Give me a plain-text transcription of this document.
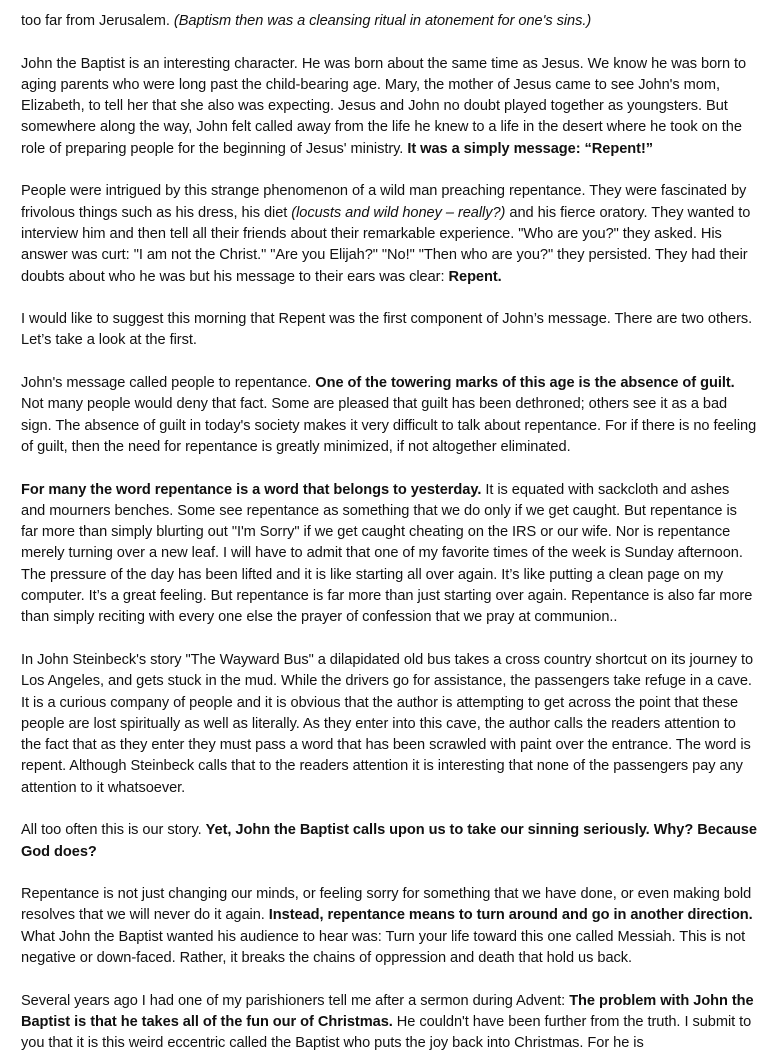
too far from Jerusalem. (Baptism then was a cleansing ritual in atonement for one's sins.)

John the Baptist is an interesting character. He was born about the same time as Jesus. We know he was born to aging parents who were long past the child-bearing age. Mary, the mother of Jesus came to see John's mom, Elizabeth, to tell her that she also was expecting. Jesus and John no doubt played together as youngsters. But somewhere along the way, John felt called away from the life he knew to a life in the desert where he took on the role of preparing people for the beginning of Jesus' ministry. It was a simply message: “Repent!”

People were intrigued by this strange phenomenon of a wild man preaching repentance. They were fascinated by frivolous things such as his dress, his diet (locusts and wild honey – really?) and his fierce oratory. They wanted to interview him and then tell all their friends about their remarkable experience. "Who are you?" they asked. His answer was curt: "I am not the Christ." "Are you Elijah?" "No!" "Then who are you?" they persisted. They had their doubts about who he was but his message to their ears was clear: Repent.

I would like to suggest this morning that Repent was the first component of John’s message. There are two others. Let’s take a look at the first.

John's message called people to repentance. One of the towering marks of this age is the absence of guilt. Not many people would deny that fact. Some are pleased that guilt has been dethroned; others see it as a bad sign. The absence of guilt in today's society makes it very difficult to talk about repentance. For if there is no feeling of guilt, then the need for repentance is greatly minimized, if not altogether eliminated.

For many the word repentance is a word that belongs to yesterday. It is equated with sackcloth and ashes and mourners benches. Some see repentance as something that we do only if we get caught. But repentance is far more than simply blurting out "I'm Sorry" if we get caught cheating on the IRS or our wife. Nor is repentance merely turning over a new leaf. I will have to admit that one of my favorite times of the week is Sunday afternoon. The pressure of the day has been lifted and it is like starting all over again. It’s like putting a clean page on my computer. It’s a great feeling. But repentance is far more than just starting over again. Repentance is also far more than simply reciting with every one else the prayer of confession that we pray at communion..

In John Steinbeck's story "The Wayward Bus" a dilapidated old bus takes a cross country shortcut on its journey to Los Angeles, and gets stuck in the mud. While the drivers go for assistance, the passengers take refuge in a cave. It is a curious company of people and it is obvious that the author is attempting to get across the point that these people are lost spiritually as well as literally. As they enter into this cave, the author calls the readers attention to the fact that as they enter they must pass a word that has been scrawled with paint over the entrance. The word is repent. Although Steinbeck calls that to the readers attention it is interesting that none of the passengers pay any attention to it whatsoever.

All too often this is our story. Yet, John the Baptist calls upon us to take our sinning seriously. Why? Because God does?

Repentance is not just changing our minds, or feeling sorry for something that we have done, or even making bold resolves that we will never do it again. Instead, repentance means to turn around and go in another direction. What John the Baptist wanted his audience to hear was: Turn your life toward this one called Messiah. This is not negative or down-faced. Rather, it breaks the chains of oppression and death that hold us back.

Several years ago I had one of my parishioners tell me after a sermon during Advent: The problem with John the Baptist is that he takes all of the fun our of Christmas. He couldn't have been further from the truth. I submit to you that it is this weird eccentric called the Baptist who puts the joy back into Christmas. For he is
